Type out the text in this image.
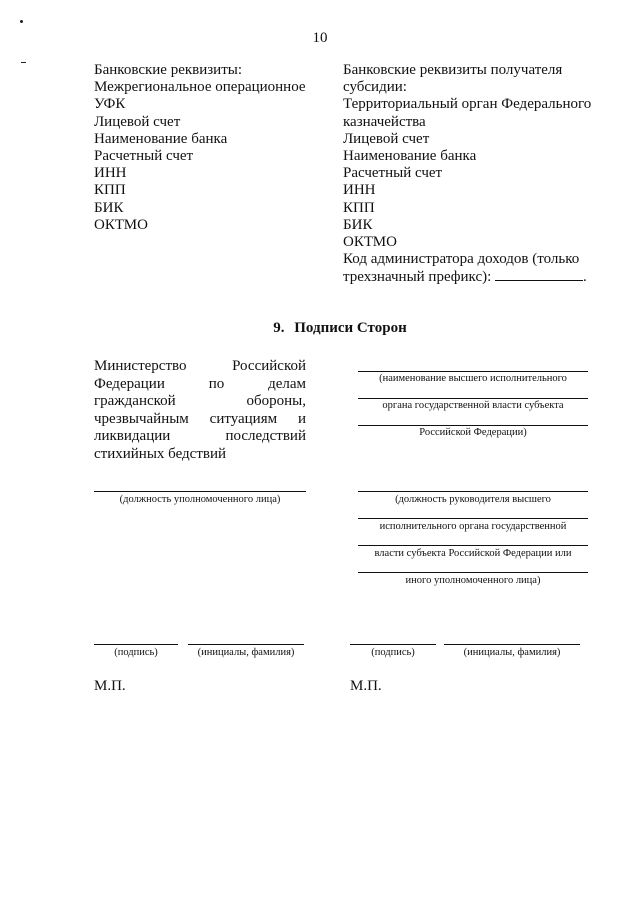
10
Банковские реквизиты:
Межрегиональное операционное
УФК
Лицевой счет
Наименование банка
Расчетный счет
ИНН
КПП
БИК
ОКТМО
Банковские реквизиты получателя
субсидии:
Территориальный орган Федерального
казначейства
Лицевой счет
Наименование банка
Расчетный счет
ИНН
КПП
БИК
ОКТМО
Код администратора доходов (только
трехзначный префикс):	.
9. Подписи Сторон
Министерство Российской
Федерации по делам
гражданской обороны,
чрезвычайным ситуациям и
ликвидации последствий
стихийных бедствий
(наименование высшего исполнительного
органа государственной власти субъекта
Российской Федерации)
(должность уполномоченного лица)	(должность руководителя высшего
исполнительного органа государственной
власти субъекта Российской Федерации или
иного уполномоченного лица)
(подпись)	(инициалы, фамилия)	(подпись)	(инициалы, фамилия)
М.П.	М.П.
